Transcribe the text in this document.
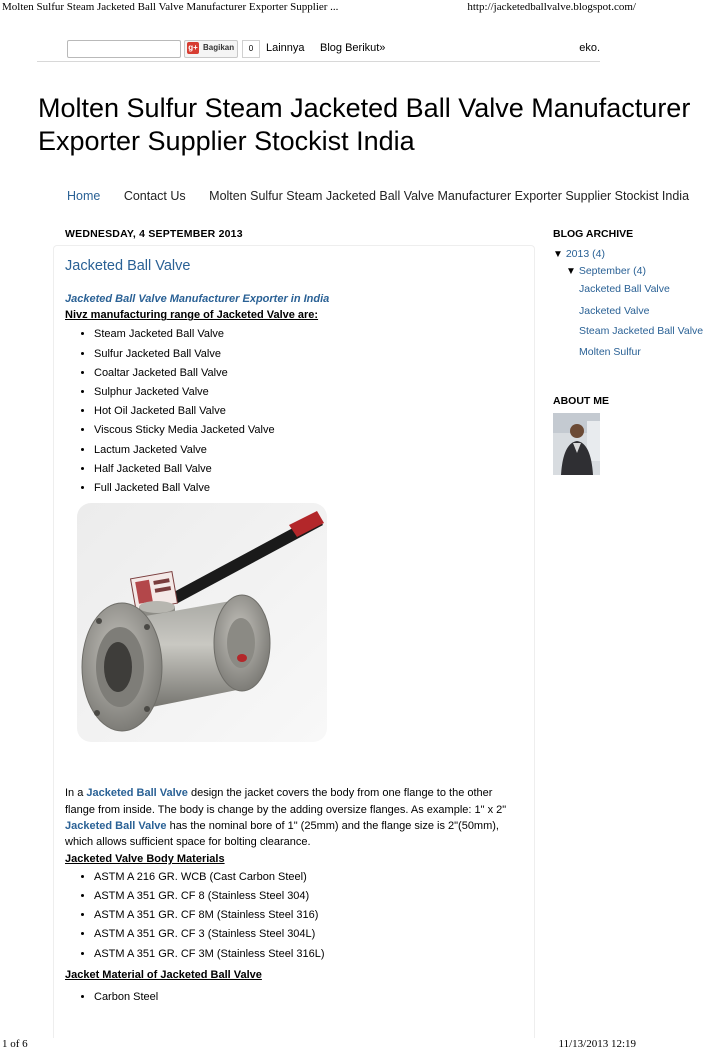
Molten Sulfur Steam Jacketed Ball Valve Manufacturer Exporter Supplier ...	http://jacketedballvalve.blogspot.com/
g+ Bagikan	0	Lainnya Blog Berikut»	eko.
Molten Sulfur Steam Jacketed Ball Valve Manufacturer
Exporter Supplier Stockist India
Home Contact Us Molten Sulfur Steam Jacketed Ball Valve Manufacturer Exporter Supplier Stockist India
WEDNESDAY, 4 SEPTEMBER 2013
Jacketed Ball Valve
Jacketed Ball Valve Manufacturer Exporter in India
Nivz manufacturing range of Jacketed Valve are:
• Steam Jacketed Ball Valve
• Sulfur Jacketed Ball Valve
• Coaltar Jacketed Ball Valve
• Sulphur Jacketed Valve
• Hot Oil Jacketed Ball Valve
• Viscous Sticky Media Jacketed Valve
• Lactum Jacketed Valve
• Half Jacketed Ball Valve
• Full Jacketed Ball Valve
In a Jacketed Ball Valve design the jacket covers the body from one flange to the other flange from inside. The body is change by the adding oversize flanges. As example: 1" x 2" Jacketed Ball Valve has the nominal bore of 1" (25mm) and the flange size is 2"(50mm), which allows sufficient space for bolting clearance.
Jacketed Valve Body Materials
• ASTM A 216 GR. WCB (Cast Carbon Steel)
• ASTM A 351 GR. CF 8 (Stainless Steel 304)
• ASTM A 351 GR. CF 8M (Stainless Steel 316)
• ASTM A 351 GR. CF 3 (Stainless Steel 304L)
• ASTM A 351 GR. CF 3M (Stainless Steel 316L)
Jacket Material of Jacketed Ball Valve
• Carbon Steel
BLOG ARCHIVE
▼ 2013 (4)
▼ September (4)
Jacketed Ball Valve
Jacketed Valve
Steam Jacketed Ball Valve
Molten Sulfur
ABOUT ME
1 of 6	11/13/2013 12:19
